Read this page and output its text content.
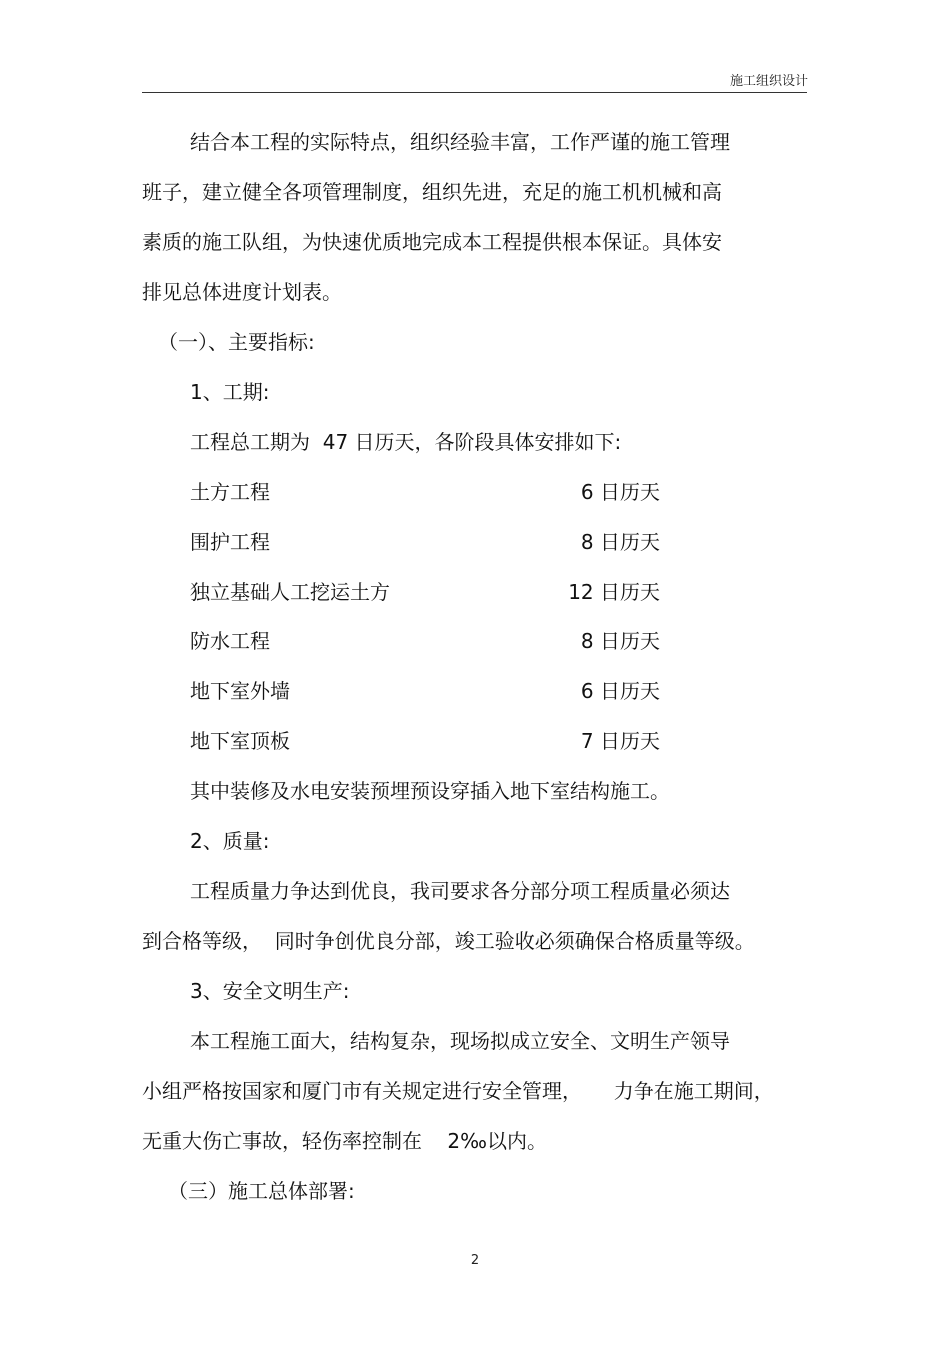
施工组织设计
结合本工程的实际特点，组织经验丰富，工作严谨的施工管理
班子，建立健全各项管理制度，组织先进，充足的施工机机械和高
素质的施工队组，为快速优质地完成本工程提供根本保证。具体安
排见总体进度计划表。
（一）、主要指标:
1、工期:
工程总工期为  47 日历天，各阶段具体安排如下:
土方工程	6 日历天
围护工程	8 日历天
独立基础人工挖运土方	12 日历天
防水工程	8 日历天
地下室外墙	6 日历天
地下室顶板	7 日历天
其中装修及水电安装预埋预设穿插入地下室结构施工。
2、质量:
工程质量力争达到优良，我司要求各分部分项工程质量必须达
到合格等级，  同时争创优良分部，竣工验收必须确保合格质量等级。
3、安全文明生产:
本工程施工面大，结构复杂，现场拟成立安全、文明生产领导
小组严格按国家和厦门市有关规定进行安全管理，     力争在施工期间，
无重大伤亡事故，轻伤率控制在    2‰以内。
（三）施工总体部署:
2
